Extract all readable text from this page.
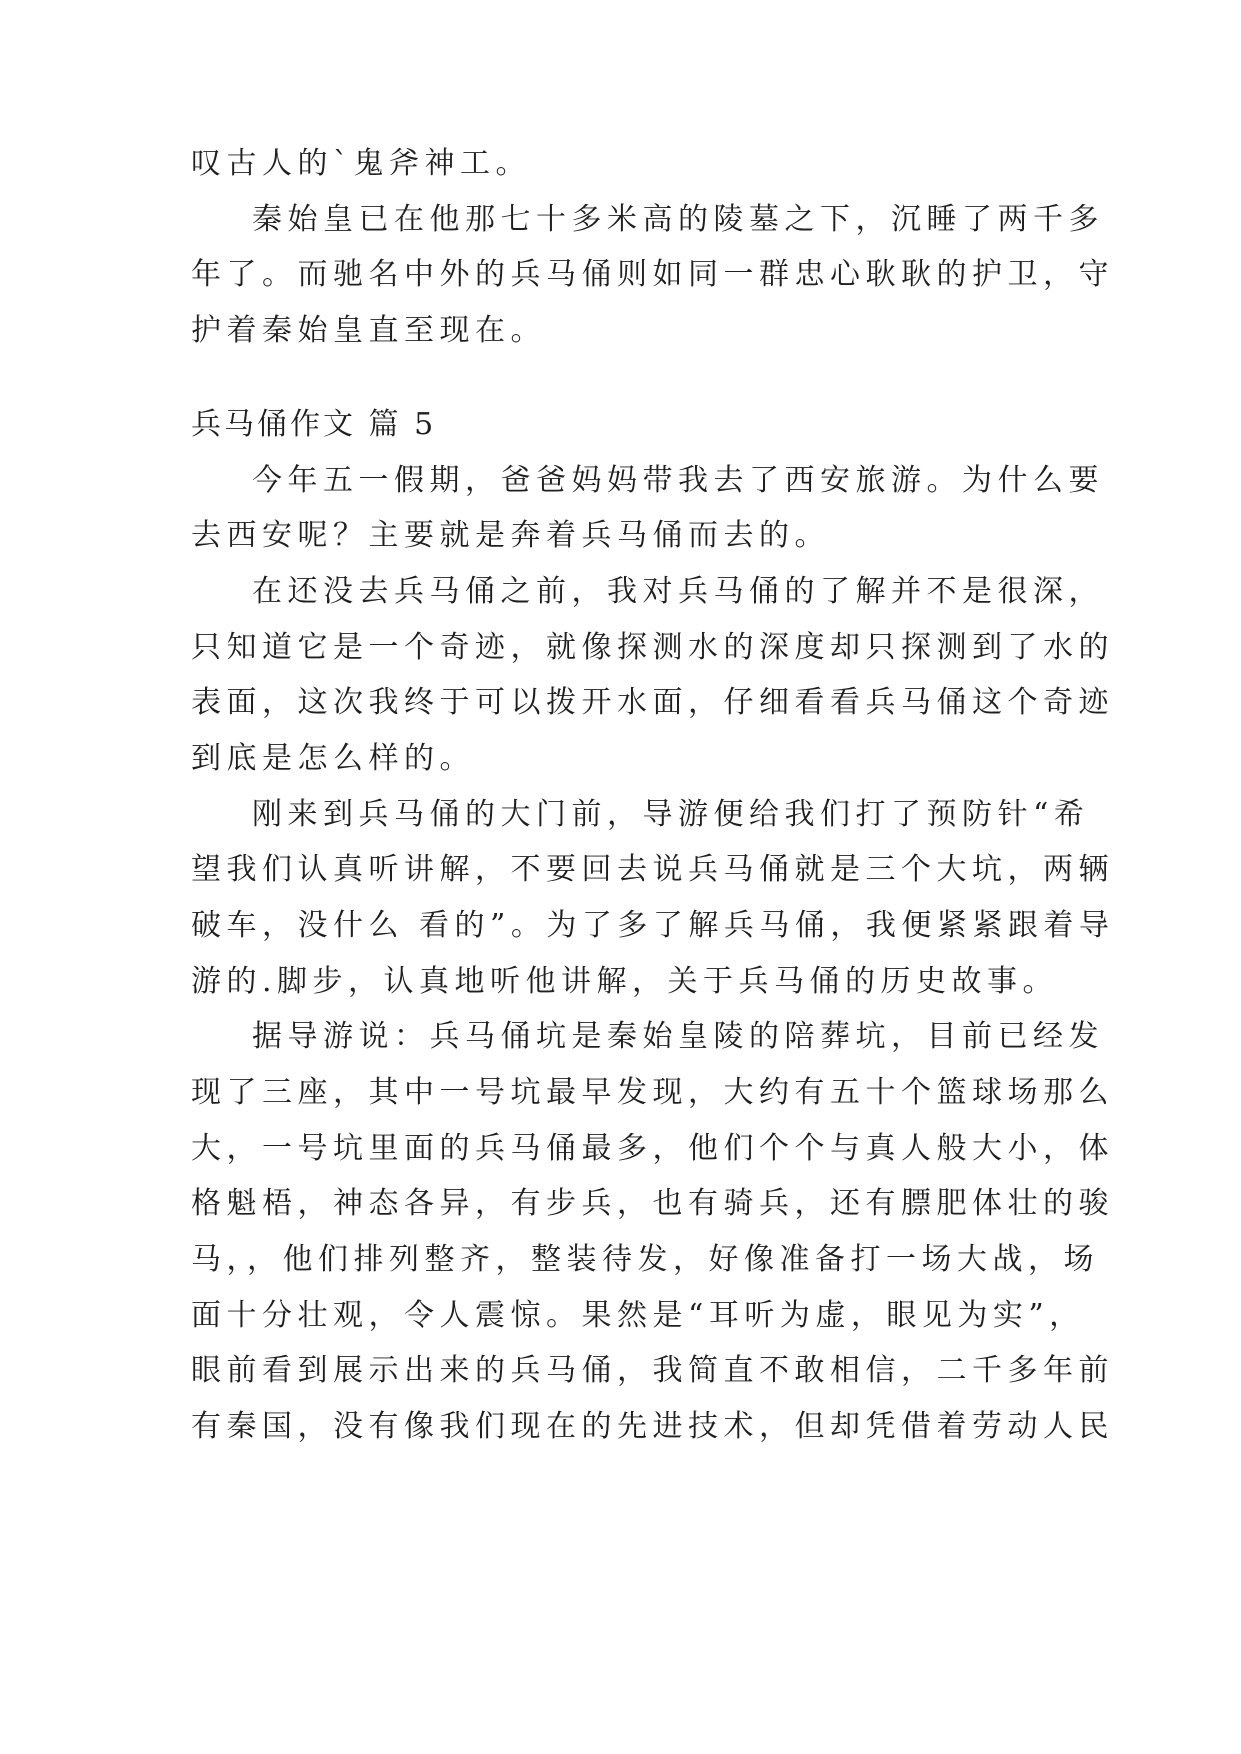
叹古人的`鬼斧神工。
秦始皇已在他那七十多米高的陵墓之下，沉睡了两千多
年了。而驰名中外的兵马俑则如同一群忠心耿耿的护卫，守
护着秦始皇直至现在。
兵马俑作文 篇 5
今年五一假期，爸爸妈妈带我去了西安旅游。为什么要
去西安呢？主要就是奔着兵马俑而去的。
在还没去兵马俑之前，我对兵马俑的了解并不是很深，
只知道它是一个奇迹，就像探测水的深度却只探测到了水的
表面，这次我终于可以拨开水面，仔细看看兵马俑这个奇迹
到底是怎么样的。
刚来到兵马俑的大门前，导游便给我们打了预防针“希
望我们认真听讲解，不要回去说兵马俑就是三个大坑，两辆
破车，没什么 看的”。为了多了解兵马俑，我便紧紧跟着导
游的.脚步，认真地听他讲解，关于兵马俑的历史故事。
据导游说：兵马俑坑是秦始皇陵的陪葬坑，目前已经发
现了三座，其中一号坑最早发现，大约有五十个篮球场那么
大，一号坑里面的兵马俑最多，他们个个与真人般大小，体
格魁梧，神态各异，有步兵，也有骑兵，还有膘肥体壮的骏
马，，他们排列整齐，整装待发，好像准备打一场大战，场
面十分壮观，令人震惊。果然是“耳听为虚，眼见为实”，
眼前看到展示出来的兵马俑，我简直不敢相信，二千多年前
有秦国，没有像我们现在的先进技术，但却凭借着劳动人民
